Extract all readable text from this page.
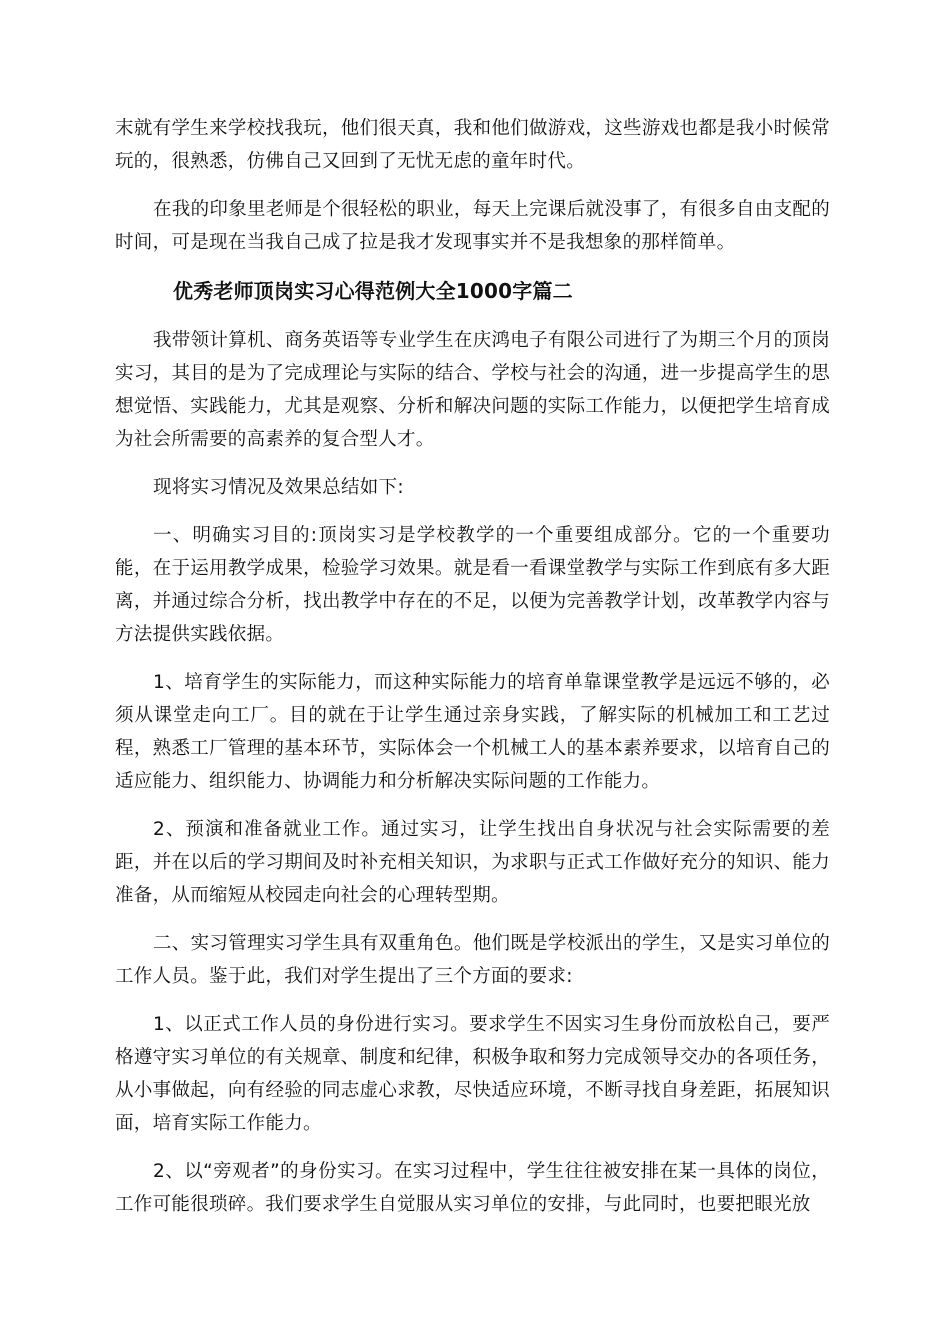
末就有学生来学校找我玩，他们很天真，我和他们做游戏，这些游戏也都是我小时候常玩的，很熟悉，仿佛自己又回到了无忧无虑的童年时代。

在我的印象里老师是个很轻松的职业，每天上完课后就没事了，有很多自由支配的时间，可是现在当我自己成了拉是我才发现事实并不是我想象的那样简单。

优秀老师顶岗实习心得范例大全1000字篇二

我带领计算机、商务英语等专业学生在庆鸿电子有限公司进行了为期三个月的顶岗实习，其目的是为了完成理论与实际的结合、学校与社会的沟通，进一步提高学生的思想觉悟、实践能力，尤其是观察、分析和解决问题的实际工作能力，以便把学生培育成为社会所需要的高素养的复合型人才。

现将实习情况及效果总结如下:

一、明确实习目的:顶岗实习是学校教学的一个重要组成部分。它的一个重要功能，在于运用教学成果，检验学习效果。就是看一看课堂教学与实际工作到底有多大距离，并通过综合分析，找出教学中存在的不足，以便为完善教学计划，改革教学内容与方法提供实践依据。

1、培育学生的实际能力，而这种实际能力的培育单靠课堂教学是远远不够的，必须从课堂走向工厂。目的就在于让学生通过亲身实践，了解实际的机械加工和工艺过程，熟悉工厂管理的基本环节，实际体会一个机械工人的基本素养要求，以培育自己的适应能力、组织能力、协调能力和分析解决实际问题的工作能力。

2、预演和准备就业工作。通过实习，让学生找出自身状况与社会实际需要的差距，并在以后的学习期间及时补充相关知识，为求职与正式工作做好充分的知识、能力准备，从而缩短从校园走向社会的心理转型期。

二、实习管理实习学生具有双重角色。他们既是学校派出的学生，又是实习单位的工作人员。鉴于此，我们对学生提出了三个方面的要求:

1、以正式工作人员的身份进行实习。要求学生不因实习生身份而放松自己，要严格遵守实习单位的有关规章、制度和纪律，积极争取和努力完成领导交办的各项任务，从小事做起，向有经验的同志虚心求教，尽快适应环境，不断寻找自身差距，拓展知识面，培育实际工作能力。

2、以“旁观者”的身份实习。在实习过程中，学生往往被安排在某一具体的岗位，工作可能很琐碎。我们要求学生自觉服从实习单位的安排，与此同时，也要把眼光放
